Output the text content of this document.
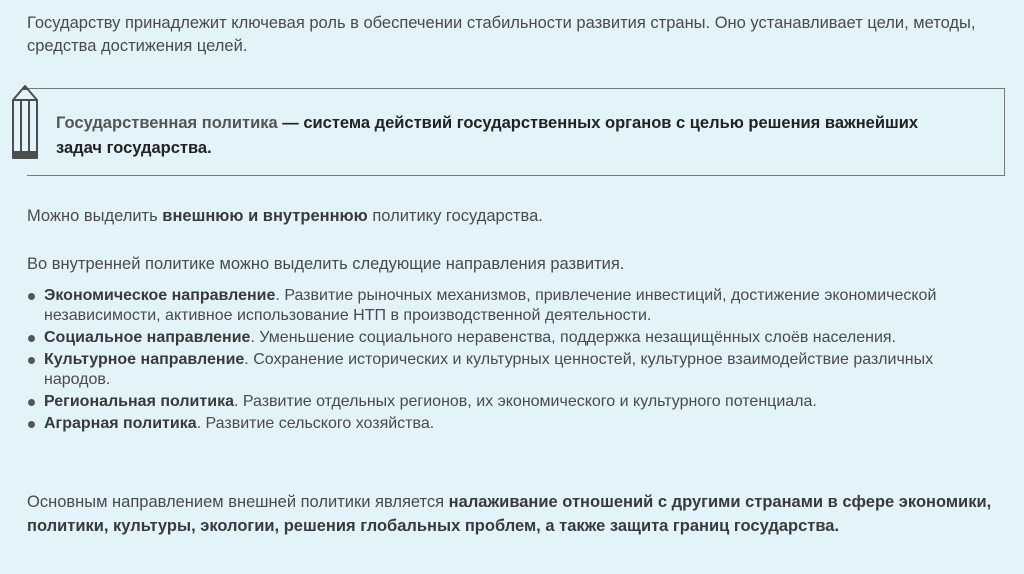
Государству принадлежит ключевая роль в обеспечении стабильности развития страны. Оно устанавливает цели, методы, средства достижения целей.
Государственная политика — система действий государственных органов с целью решения важнейших задач государства.
Можно выделить внешнюю и внутреннюю политику государства.
Во внутренней политике можно выделить следующие направления развития.
Экономическое направление. Развитие рыночных механизмов, привлечение инвестиций, достижение экономической независимости, активное использование НТП в производственной деятельности.
Социальное направление. Уменьшение социального неравенства, поддержка незащищённых слоёв населения.
Культурное направление. Сохранение исторических и культурных ценностей, культурное взаимодействие различных народов.
Региональная политика. Развитие отдельных регионов, их экономического и культурного потенциала.
Аграрная политика. Развитие сельского хозяйства.
Основным направлением внешней политики является налаживание отношений с другими странами в сфере экономики, политики, культуры, экологии, решения глобальных проблем, а также защита границ государства.
